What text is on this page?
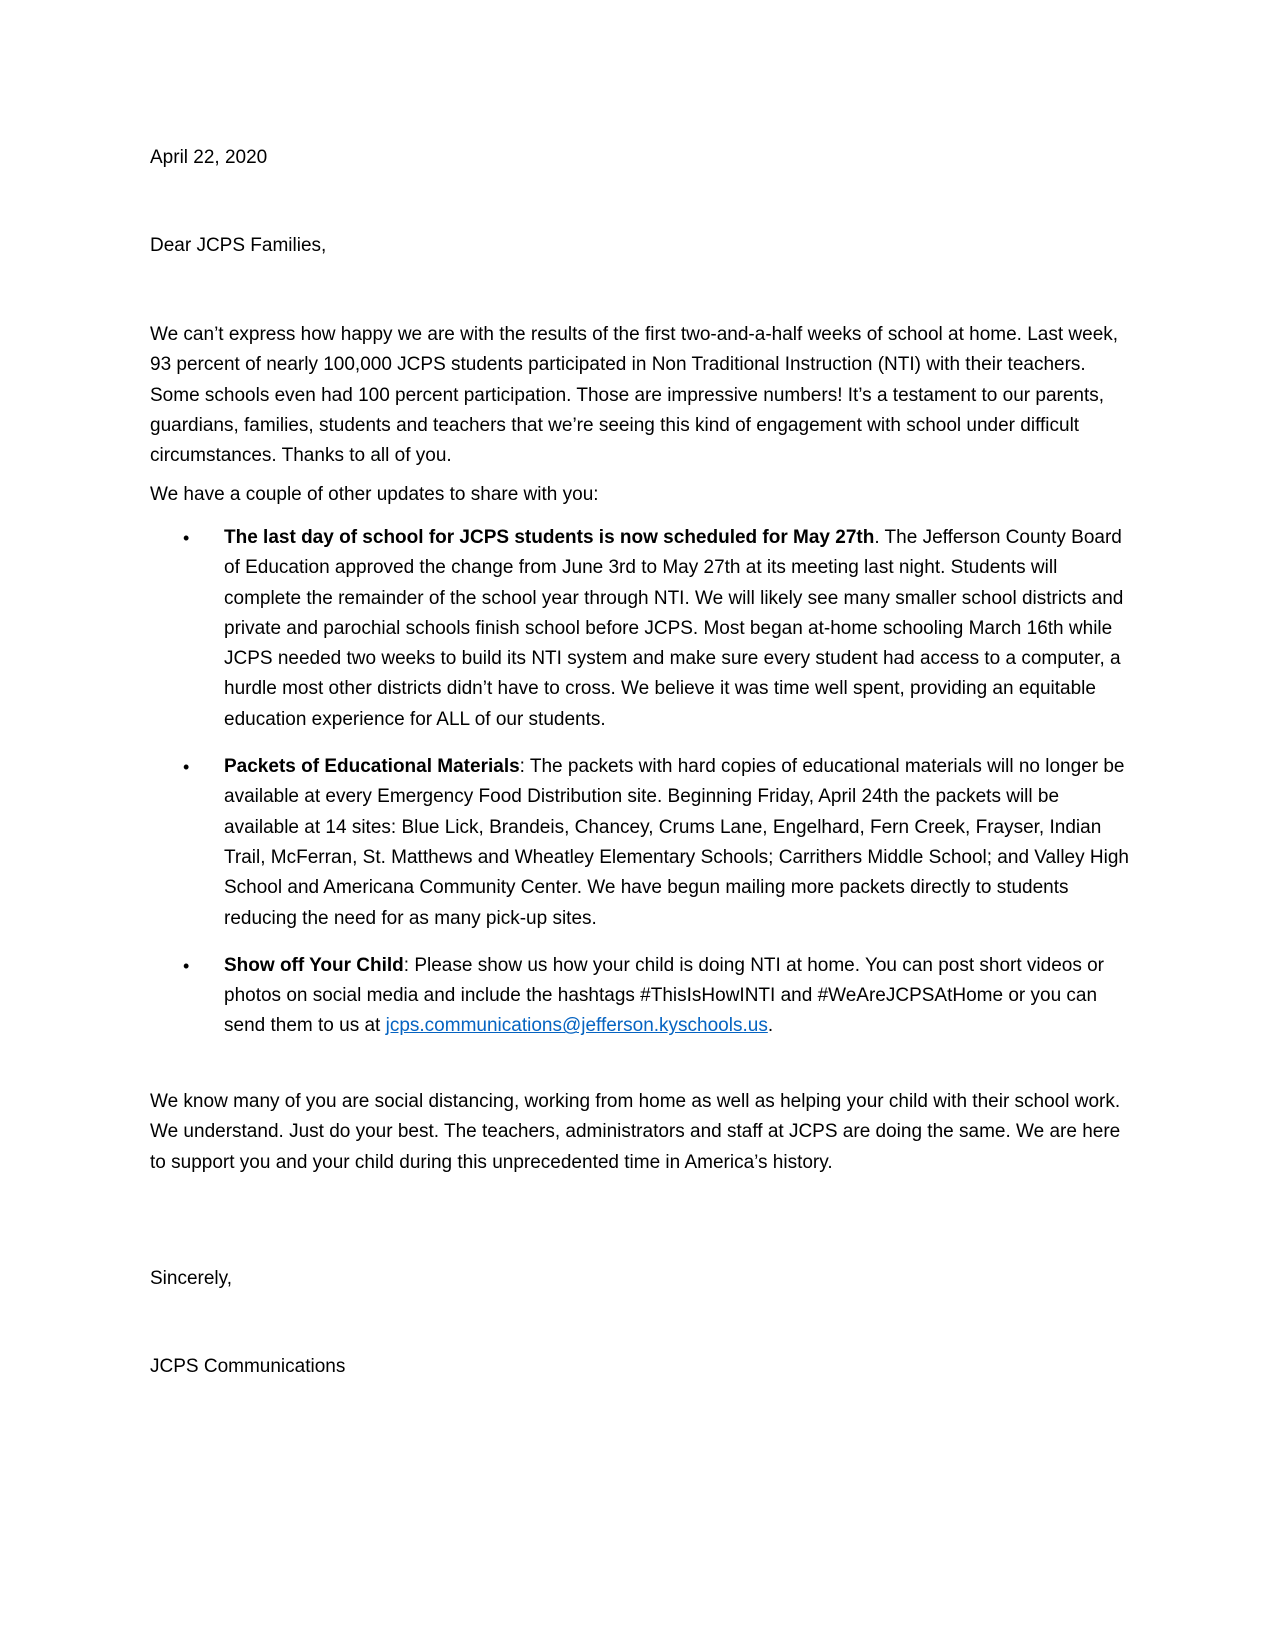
April 22, 2020
Dear JCPS Families,

We can’t express how happy we are with the results of the first two-and-a-half weeks of school at home. Last week, 93 percent of nearly 100,000 JCPS students participated in Non Traditional Instruction (NTI) with their teachers. Some schools even had 100 percent participation. Those are impressive numbers! It’s a testament to our parents, guardians, families, students and teachers that we’re seeing this kind of engagement with school under difficult circumstances. Thanks to all of you.

We have a couple of other updates to share with you:

• The last day of school for JCPS students is now scheduled for May 27th. The Jefferson County Board of Education approved the change from June 3rd to May 27th at its meeting last night. Students will complete the remainder of the school year through NTI. We will likely see many smaller school districts and private and parochial schools finish school before JCPS. Most began at-home schooling March 16th while JCPS needed two weeks to build its NTI system and make sure every student had access to a computer, a hurdle most other districts didn’t have to cross. We believe it was time well spent, providing an equitable education experience for ALL of our students.
• Packets of Educational Materials: The packets with hard copies of educational materials will no longer be available at every Emergency Food Distribution site. Beginning Friday, April 24th the packets will be available at 14 sites: Blue Lick, Brandeis, Chancey, Crums Lane, Engelhard, Fern Creek, Frayser, Indian Trail, McFerran, St. Matthews and Wheatley Elementary Schools; Carrithers Middle School; and Valley High School and Americana Community Center. We have begun mailing more packets directly to students reducing the need for as many pick-up sites.
• Show off Your Child: Please show us how your child is doing NTI at home. You can post short videos or photos on social media and include the hashtags #ThisIsHowINTI and #WeAreJCPSAtHome or you can send them to us at jcps.communications@jefferson.kyschools.us.

We know many of you are social distancing, working from home as well as helping your child with their school work. We understand. Just do your best. The teachers, administrators and staff at JCPS are doing the same. We are here to support you and your child during this unprecedented time in America’s history.

Sincerely,
JCPS Communications
